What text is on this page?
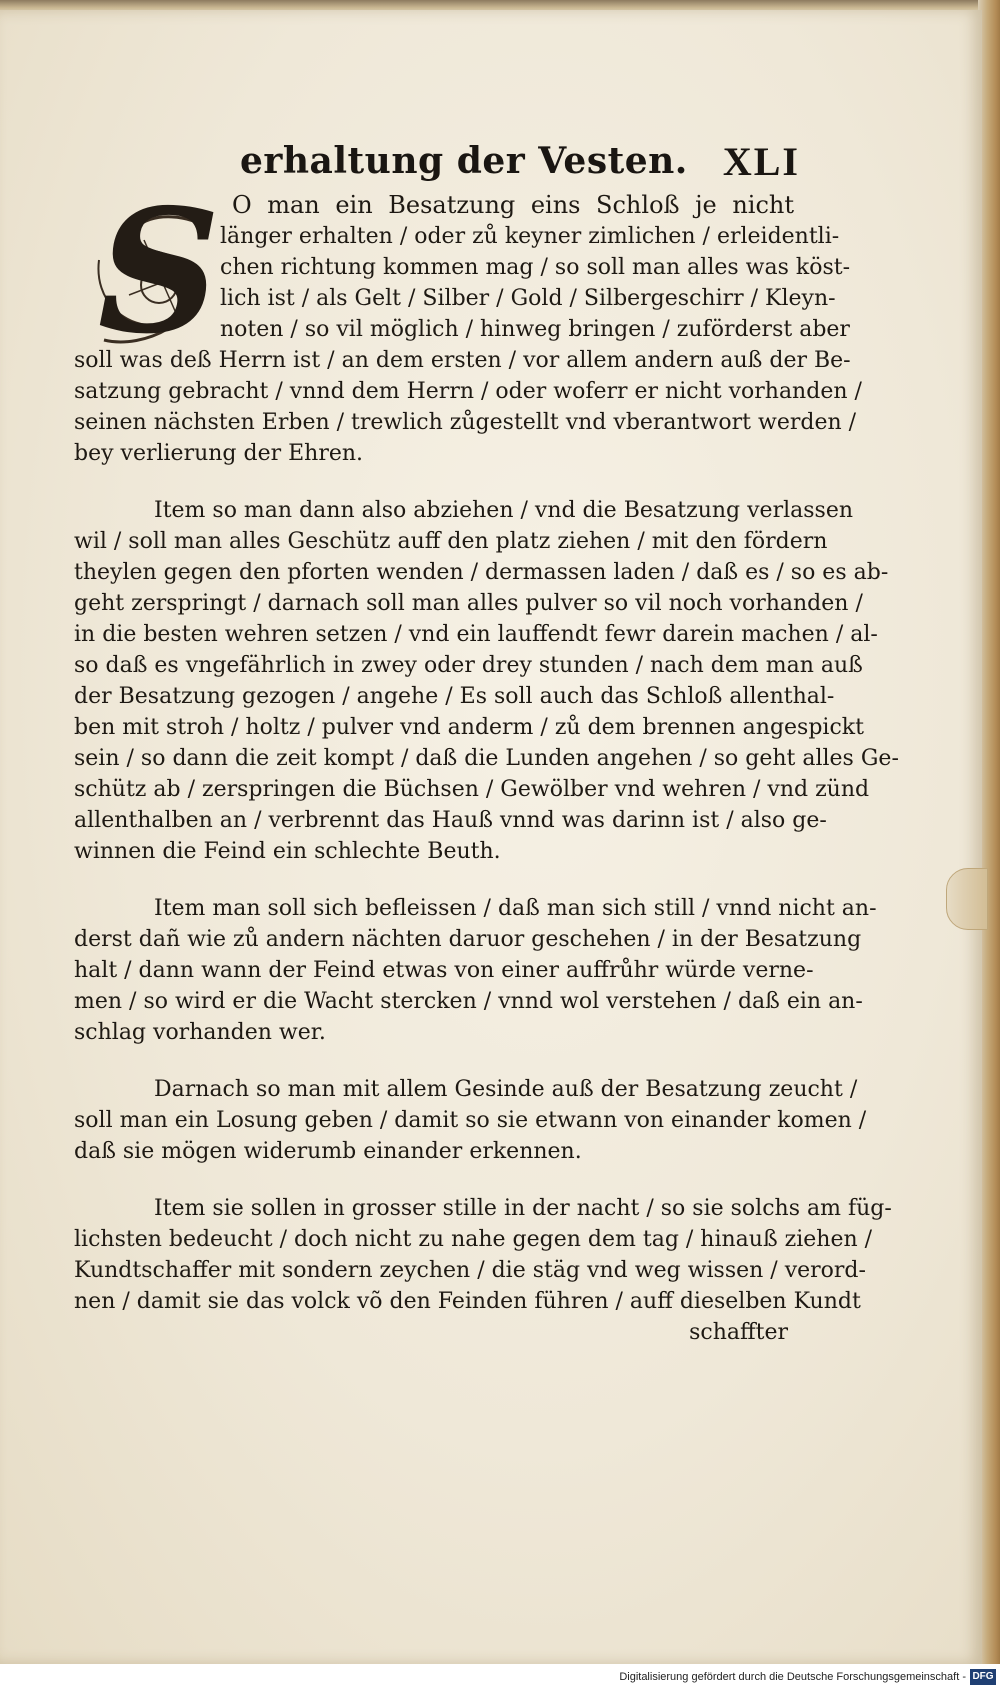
erhaltung der Vesten. XLI
S O man ein Besatzung eins Schloß je nicht
länger erhalten / oder zů keyner zimlichen / erleidentli-
chen richtung kommen mag / so soll man alles was köst-
lich ist / als Gelt / Silber / Gold / Silbergeschirr / Kleyn-
noten / so vil möglich / hinweg bringen / zuförderst aber
soll was deß Herrn ist / an dem ersten / vor allem andern auß der Be-
satzung gebracht / vnnd dem Herrn / oder woferr er nicht vorhanden /
seinen nächsten Erben / trewlich zůgestellt vnd vberantwort werden /
bey verlierung der Ehren.
Item so man dann also abziehen / vnd die Besatzung verlassen
wil / soll man alles Geschütz auff den platz ziehen / mit den fördern
theylen gegen den pforten wenden / dermassen laden / daß es / so es ab-
geht zerspringt / darnach soll man alles pulver so vil noch vorhanden /
in die besten wehren setzen / vnd ein lauffendt fewr darein machen / al-
so daß es vngefährlich in zwey oder drey stunden / nach dem man auß
der Besatzung gezogen / angehe / Es soll auch das Schloß allenthal-
ben mit stroh / holtz / pulver vnd anderm / zů dem brennen angespickt
sein / so dann die zeit kompt / daß die Lunden angehen / so geht alles Ge-
schütz ab / zerspringen die Büchsen / Gewölber vnd wehren / vnd zünd
allenthalben an / verbrennt das Hauß vnnd was darinn ist / also ge-
winnen die Feind ein schlechte Beuth.
Item man soll sich befleissen / daß man sich still / vnnd nicht an-
derst dañ wie zů andern nächten daruor geschehen / in der Besatzung
halt / dann wann der Feind etwas von einer auffrůhr würde verne-
men / so wird er die Wacht stercken / vnnd wol verstehen / daß ein an-
schlag vorhanden wer.
Darnach so man mit allem Gesinde auß der Besatzung zeucht /
soll man ein Losung geben / damit so sie etwann von einander komen /
daß sie mögen widerumb einander erkennen.
Item sie sollen in grosser stille in der nacht / so sie solchs am füg-
lichsten bedeucht / doch nicht zu nahe gegen dem tag / hinauß ziehen /
Kundtschaffer mit sondern zeychen / die stäg vnd weg wissen / verord-
nen / damit sie das volck võ den Feinden führen / auff dieselben Kundt
schaffter
Digitalisierung gefördert durch die Deutsche Forschungsgemeinschaft - DFG
